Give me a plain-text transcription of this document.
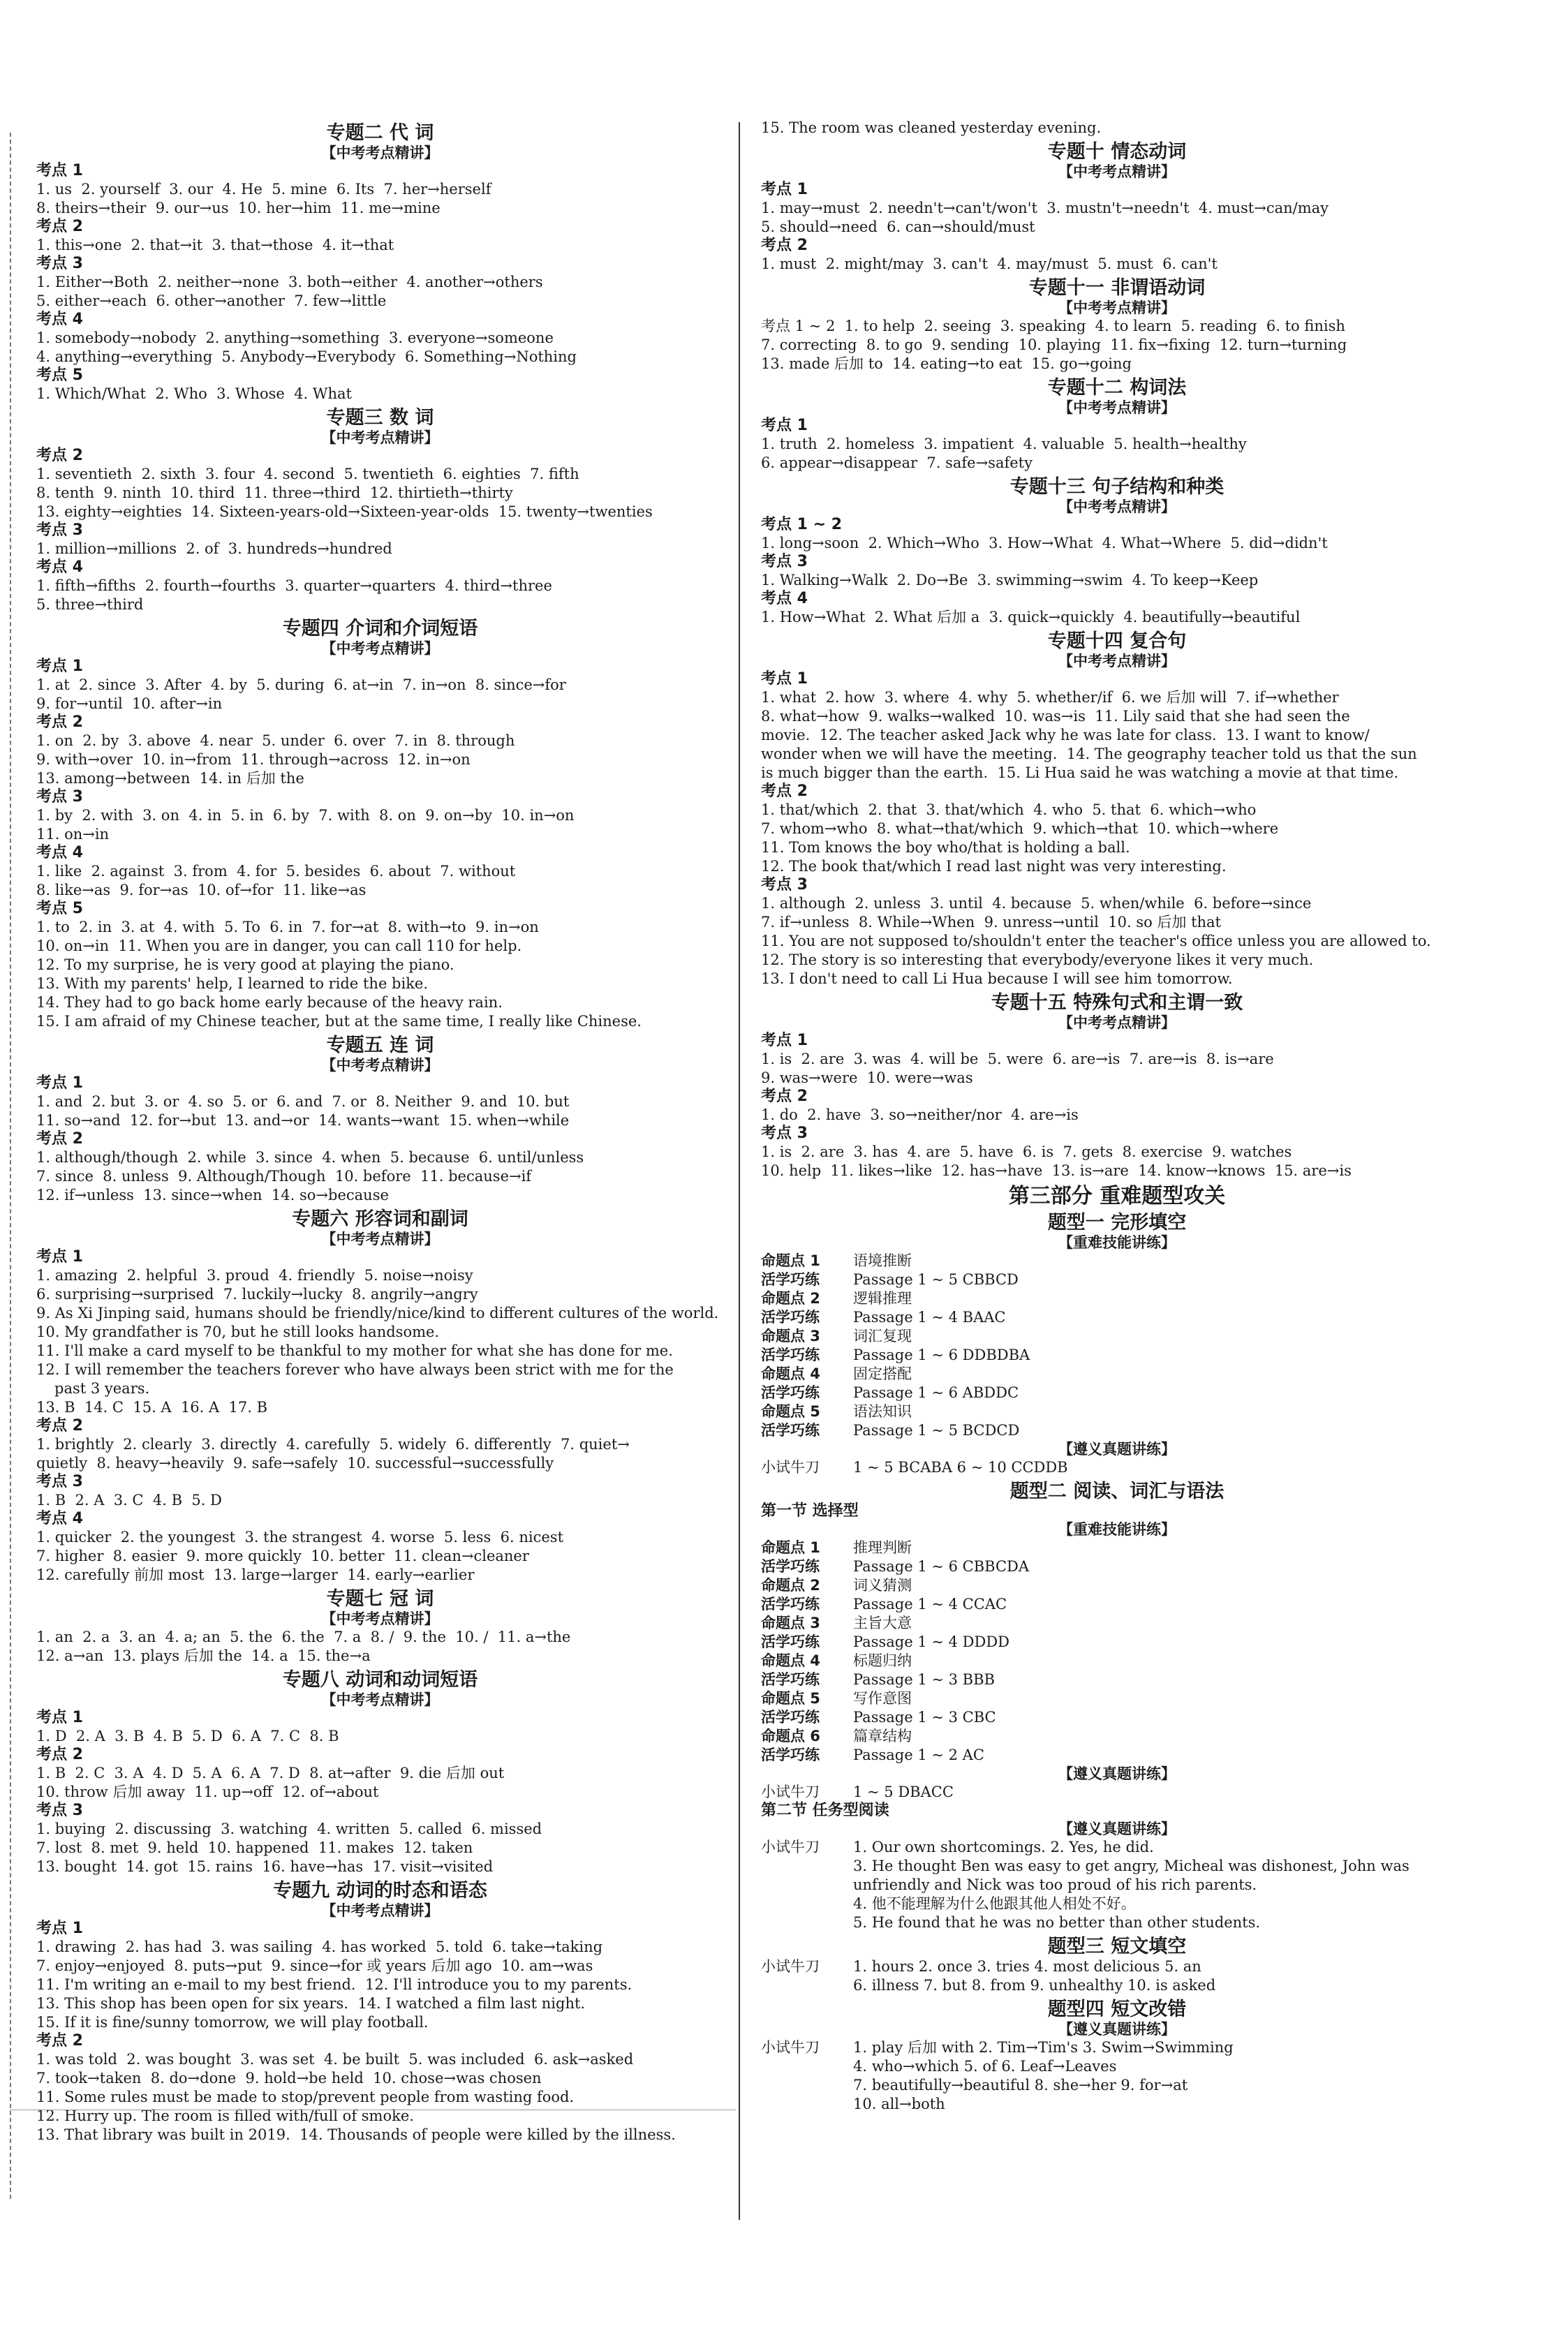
专题二 代 词
【中考考点精讲】
考点 1
1. us  2. yourself  3. our  4. He  5. mine  6. Its  7. her→herself
8. theirs→their  9. our→us  10. her→him  11. me→mine
考点 2
1. this→one  2. that→it  3. that→those  4. it→that
考点 3
1. Either→Both  2. neither→none  3. both→either  4. another→others
5. either→each  6. other→another  7. few→little
考点 4
1. somebody→nobody  2. anything→something  3. everyone→someone
4. anything→everything  5. Anybody→Everybody  6. Something→Nothing
考点 5
1. Which/What  2. Who  3. Whose  4. What
专题三 数 词
【中考考点精讲】
考点 2
1. seventieth  2. sixth  3. four  4. second  5. twentieth  6. eighties  7. fifth
8. tenth  9. ninth  10. third  11. three→third  12. thirtieth→thirty
13. eighty→eighties  14. Sixteen-years-old→Sixteen-year-olds  15. twenty→twenties
考点 3
1. million→millions  2. of  3. hundreds→hundred
考点 4
1. fifth→fifths  2. fourth→fourths  3. quarter→quarters  4. third→three
5. three→third
专题四 介词和介词短语
【中考考点精讲】
考点 1
1. at  2. since  3. After  4. by  5. during  6. at→in  7. in→on  8. since→for
9. for→until  10. after→in
考点 2
1. on  2. by  3. above  4. near  5. under  6. over  7. in  8. through
9. with→over  10. in→from  11. through→across  12. in→on
13. among→between  14. in 后加 the
考点 3
1. by  2. with  3. on  4. in  5. in  6. by  7. with  8. on  9. on→by  10. in→on
11. on→in
考点 4
1. like  2. against  3. from  4. for  5. besides  6. about  7. without
8. like→as  9. for→as  10. of→for  11. like→as
考点 5
1. to  2. in  3. at  4. with  5. To  6. in  7. for→at  8. with→to  9. in→on
10. on→in  11. When you are in danger, you can call 110 for help.
12. To my surprise, he is very good at playing the piano.
13. With my parents' help, I learned to ride the bike.
14. They had to go back home early because of the heavy rain.
15. I am afraid of my Chinese teacher, but at the same time, I really like Chinese.
专题五 连 词
【中考考点精讲】
考点 1
1. and  2. but  3. or  4. so  5. or  6. and  7. or  8. Neither  9. and  10. but
11. so→and  12. for→but  13. and→or  14. wants→want  15. when→while
考点 2
1. although/though  2. while  3. since  4. when  5. because  6. until/unless
7. since  8. unless  9. Although/Though  10. before  11. because→if
12. if→unless  13. since→when  14. so→because
专题六 形容词和副词
【中考考点精讲】
考点 1
1. amazing  2. helpful  3. proud  4. friendly  5. noise→noisy
6. surprising→surprised  7. luckily→lucky  8. angrily→angry
9. As Xi Jinping said, humans should be friendly/nice/kind to different cultures of the world.
10. My grandfather is 70, but he still looks handsome.
11. I'll make a card myself to be thankful to my mother for what she has done for me.
12. I will remember the teachers forever who have always been strict with me for the
past 3 years.
13. B  14. C  15. A  16. A  17. B
考点 2
1. brightly  2. clearly  3. directly  4. carefully  5. widely  6. differently  7. quiet→
quietly  8. heavy→heavily  9. safe→safely  10. successful→successfully
考点 3
1. B  2. A  3. C  4. B  5. D
考点 4
1. quicker  2. the youngest  3. the strangest  4. worse  5. less  6. nicest
7. higher  8. easier  9. more quickly  10. better  11. clean→cleaner
12. carefully 前加 most  13. large→larger  14. early→earlier
专题七 冠 词
【中考考点精讲】
1. an  2. a  3. an  4. a; an  5. the  6. the  7. a  8. /  9. the  10. /  11. a→the
12. a→an  13. plays 后加 the  14. a  15. the→a
专题八 动词和动词短语
【中考考点精讲】
考点 1
1. D  2. A  3. B  4. B  5. D  6. A  7. C  8. B
考点 2
1. B  2. C  3. A  4. D  5. A  6. A  7. D  8. at→after  9. die 后加 out
10. throw 后加 away  11. up→off  12. of→about
考点 3
1. buying  2. discussing  3. watching  4. written  5. called  6. missed
7. lost  8. met  9. held  10. happened  11. makes  12. taken
13. bought  14. got  15. rains  16. have→has  17. visit→visited
专题九 动词的时态和语态
【中考考点精讲】
考点 1
1. drawing  2. has had  3. was sailing  4. has worked  5. told  6. take→taking
7. enjoy→enjoyed  8. puts→put  9. since→for 或 years 后加 ago  10. am→was
11. I'm writing an e-mail to my best friend.  12. I'll introduce you to my parents.
13. This shop has been open for six years.  14. I watched a film last night.
15. If it is fine/sunny tomorrow, we will play football.
考点 2
1. was told  2. was bought  3. was set  4. be built  5. was included  6. ask→asked
7. took→taken  8. do→done  9. hold→be held  10. chose→was chosen
11. Some rules must be made to stop/prevent people from wasting food.
12. Hurry up. The room is filled with/full of smoke.
13. That library was built in 2019.  14. Thousands of people were killed by the illness.
15. The room was cleaned yesterday evening.
专题十 情态动词
【中考考点精讲】
考点 1
1. may→must  2. needn't→can't/won't  3. mustn't→needn't  4. must→can/may
5. should→need  6. can→should/must
考点 2
1. must  2. might/may  3. can't  4. may/must  5. must  6. can't
专题十一 非谓语动词
【中考考点精讲】
考点 1 ~ 2  1. to help  2. seeing  3. speaking  4. to learn  5. reading  6. to finish
7. correcting  8. to go  9. sending  10. playing  11. fix→fixing  12. turn→turning
13. made 后加 to  14. eating→to eat  15. go→going
专题十二 构词法
【中考考点精讲】
考点 1
1. truth  2. homeless  3. impatient  4. valuable  5. health→healthy
6. appear→disappear  7. safe→safety
专题十三 句子结构和种类
【中考考点精讲】
考点 1 ~ 2
1. long→soon  2. Which→Who  3. How→What  4. What→Where  5. did→didn't
考点 3
1. Walking→Walk  2. Do→Be  3. swimming→swim  4. To keep→Keep
考点 4
1. How→What  2. What 后加 a  3. quick→quickly  4. beautifully→beautiful
专题十四 复合句
【中考考点精讲】
考点 1
1. what  2. how  3. where  4. why  5. whether/if  6. we 后加 will  7. if→whether
8. what→how  9. walks→walked  10. was→is  11. Lily said that she had seen the
movie.  12. The teacher asked Jack why he was late for class.  13. I want to know/
wonder when we will have the meeting.  14. The geography teacher told us that the sun
is much bigger than the earth.  15. Li Hua said he was watching a movie at that time.
考点 2
1. that/which  2. that  3. that/which  4. who  5. that  6. which→who
7. whom→who  8. what→that/which  9. which→that  10. which→where
11. Tom knows the boy who/that is holding a ball.
12. The book that/which I read last night was very interesting.
考点 3
1. although  2. unless  3. until  4. because  5. when/while  6. before→since
7. if→unless  8. While→When  9. unress→until  10. so 后加 that
11. You are not supposed to/shouldn't enter the teacher's office unless you are allowed to.
12. The story is so interesting that everybody/everyone likes it very much.
13. I don't need to call Li Hua because I will see him tomorrow.
专题十五 特殊句式和主谓一致
【中考考点精讲】
考点 1
1. is  2. are  3. was  4. will be  5. were  6. are→is  7. are→is  8. is→are
9. was→were  10. were→was
考点 2
1. do  2. have  3. so→neither/nor  4. are→is
考点 3
1. is  2. are  3. has  4. are  5. have  6. is  7. gets  8. exercise  9. watches
10. help  11. likes→like  12. has→have  13. is→are  14. know→knows  15. are→is
第三部分 重难题型攻关
题型一 完形填空
【重难技能讲练】
命题点 1	语境推断
活学巧练	Passage 1 ~ 5 CBBCD
命题点 2	逻辑推理
活学巧练	Passage 1 ~ 4 BAAC
命题点 3	词汇复现
活学巧练	Passage 1 ~ 6 DDBDBA
命题点 4	固定搭配
活学巧练	Passage 1 ~ 6 ABDDC
命题点 5	语法知识
活学巧练	Passage 1 ~ 5 BCDCD
【遵义真题讲练】
小试牛刀	1 ~ 5 BCABA 6 ~ 10 CCDDB
题型二 阅读、词汇与语法
第一节 选择型
【重难技能讲练】
命题点 1	推理判断
活学巧练	Passage 1 ~ 6 CBBCDA
命题点 2	词义猜测
活学巧练	Passage 1 ~ 4 CCAC
命题点 3	主旨大意
活学巧练	Passage 1 ~ 4 DDDD
命题点 4	标题归纳
活学巧练	Passage 1 ~ 3 BBB
命题点 5	写作意图
活学巧练	Passage 1 ~ 3 CBC
命题点 6	篇章结构
活学巧练	Passage 1 ~ 2 AC
【遵义真题讲练】
小试牛刀	1 ~ 5 DBACC
第二节 任务型阅读
【遵义真题讲练】
小试牛刀	1. Our own shortcomings. 2. Yes, he did.
3. He thought Ben was easy to get angry, Micheal was dishonest, John was
unfriendly and Nick was too proud of his rich parents.
4. 他不能理解为什么他跟其他人相处不好。
5. He found that he was no better than other students.
题型三 短文填空
小试牛刀	1. hours 2. once 3. tries 4. most delicious 5. an
6. illness 7. but 8. from 9. unhealthy 10. is asked
题型四 短文改错
【遵义真题讲练】
小试牛刀	1. play 后加 with 2. Tim→Tim's 3. Swim→Swimming
4. who→which 5. of 6. Leaf→Leaves
7. beautifully→beautiful 8. she→her 9. for→at
10. all→both
